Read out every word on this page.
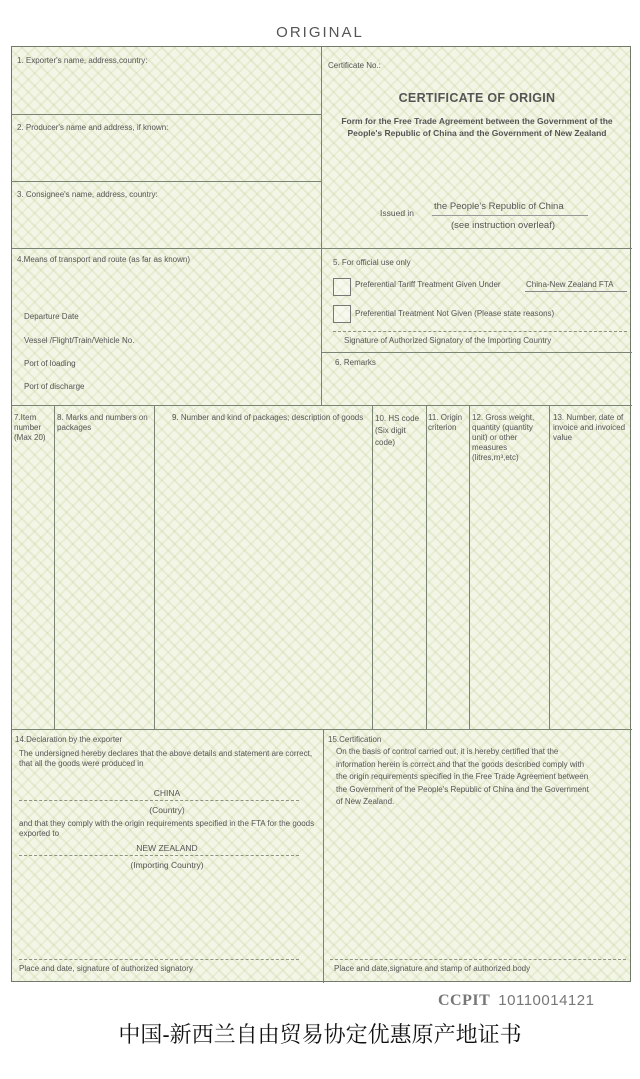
ORIGINAL
1. Exporter's name, address,country:
2. Producer's name and address, if known:
3. Consignee's name, address, country:
Certificate No.:
CERTIFICATE OF ORIGIN
Form for the Free Trade Agreement between the Government of the People's Republic of China and the Government of New Zealand
Issued in
the People's Republic of China
(see instruction overleaf)
4.Means of transport and route (as far as known)
Departure Date
Vessel /Flight/Train/Vehicle No.
Port of loading
Port of discharge
5. For official use only
Preferential Tariff Treatment Given Under	China-New Zealand FTA
Preferential Treatment Not Given (Please state reasons)
Signature of Authorized Signatory of the Importing Country
6. Remarks
7.Item number (Max 20)
8. Marks and numbers on packages
9. Number and kind of packages; description of goods	10. HS code (Six digit code)
11. Origin criterion
12. Gross weight, quantity (quantity unit) or other measures (litres,m³,etc)
13. Number, date of invoice and invoiced value
14.Declaration by the exporter
The undersigned hereby declares that the above details and statement are correct, that all the goods were produced in
CHINA
(Country)
and that they comply with the origin requirements specified in the FTA for the goods exported to
NEW ZEALAND
(Importing Country)
Place and date, signature of authorized signatory
15.Certification
On the basis of control carried out, it is hereby certified that the information herein is correct and that the goods described comply with the origin requirements specified in the Free Trade Agreement between the Government of the People's Republic of China and the Government of New Zealand.
Place and date,signature and stamp of authorized body
CCPIT 10110014121
中国-新西兰自由贸易协定优惠原产地证书
